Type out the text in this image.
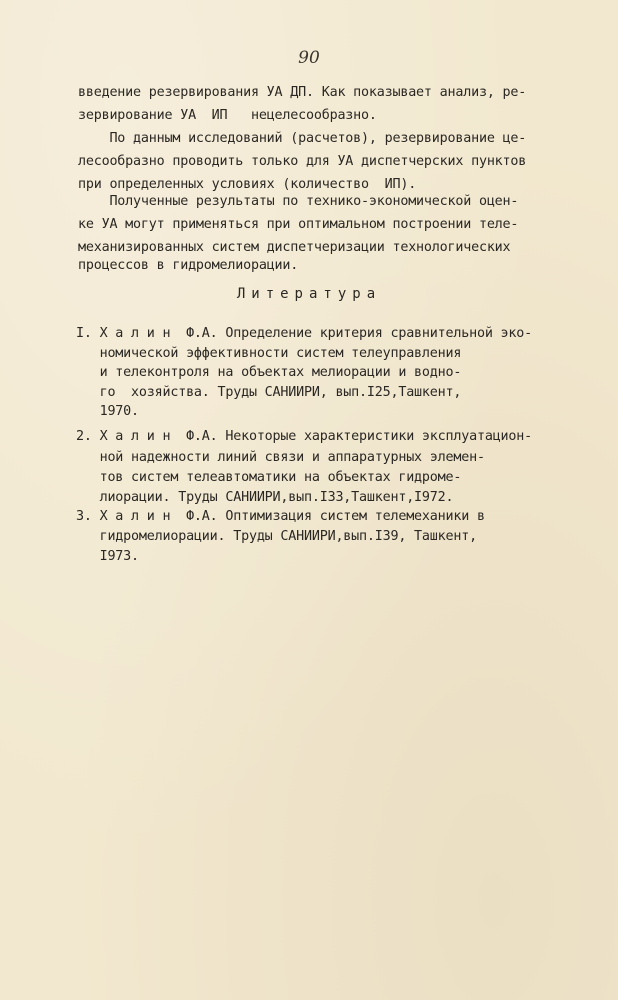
90
введение резервирования УА ДП. Как показывает анализ, ре-
зервирование УА  ИП   нецелесообразно.
По данным исследований (расчетов), резервирование це-
лесообразно проводить только для УА диспетчерских пунктов
при определенных условиях (количество  ИП).
Полученные результаты по технико-экономической оцен-
ке УА могут применяться при оптимальном построении теле-
механизированных систем диспетчеризации технологических
процессов в гидромелиорации.
Литература
I. Х а л и н  Ф.А. Определение критерия сравнительной эко-
номической эффективности систем телеуправления
и телеконтроля на объектах мелиорации и водно-
го  хозяйства. Труды САНИИРИ, вып.I25,Ташкент,
1970.
2. Х а л и н  Ф.А. Некоторые характеристики эксплуатацион-
ной надежности линий связи и аппаратурных элемен-
тов систем телеавтоматики на объектах гидроме-
лиорации. Труды САНИИРИ,вып.I33,Ташкент,I972.
3. Х а л и н  Ф.А. Оптимизация систем телемеханики в
гидромелиорации. Труды САНИИРИ,вып.I39, Ташкент,
I973.
